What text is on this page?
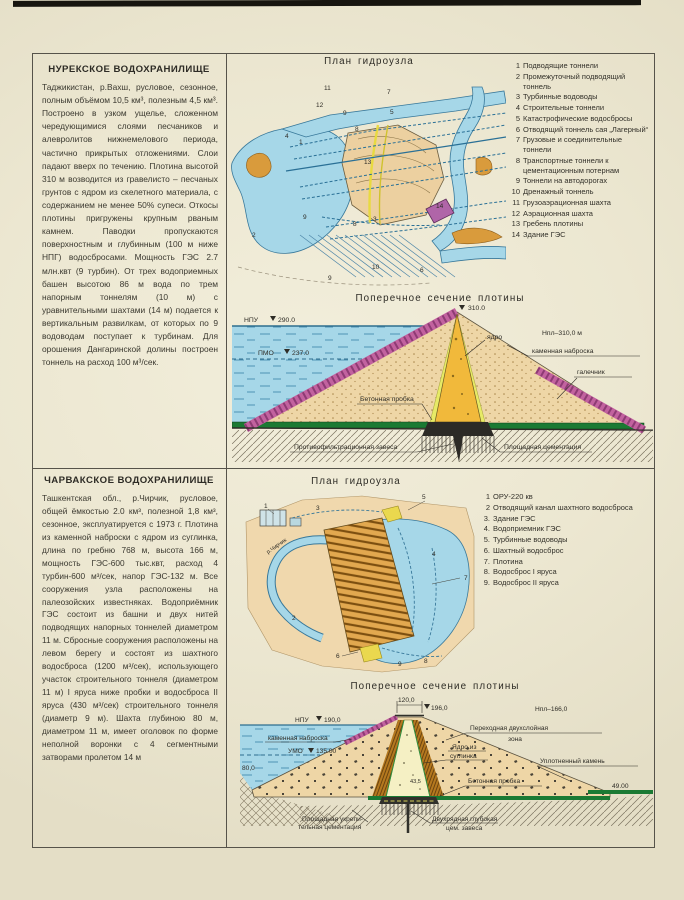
НУРЕКСКОЕ ВОДОХРАНИЛИЩЕ
Таджикистан, р.Вахш, русловое, сезонное, полным объёмом 10,5 км³, полезным 4,5 км³. Построено в узком ущелье, сложенном чередующимися слоями песчаников и алевролитов нижнемелового периода, частично прикрытых отложениями. Слои падают вверх по течению. Плотина высотой 310 м возводится из гравелисто – песчаных грунтов с ядром из скелетного материала, с содержанием не менее 50% супеси. Откосы плотины пригружены крупным рваным камнем. Паводки пропускаются поверхностным и глубинным (100 м ниже НПГ) водосбросами. Мощность ГЭС 2.7 млн.квт (9 турбин). От трех водоприемных башен высотою 86 м вода по трем напорным тоннелям (10 м) с уравнительными шахтами (14 м) подается к вертикальным развилкам, от которых по 9 водоводам поступает к турбинам. Для орошения Дангаринской долины построен тоннель на расход 100 м³/сек.
План гидроузла
12
7
5
9
11
1
4
8
13
2
9
8
3
14
10
9
6
1 Подводящие тоннели
2 Промежуточный подводящий тоннель
3 Турбинные водоводы
4 Строительные тоннели
5 Катастрофические водосбросы
6 Отводящий тоннель сая „Лагерный“
7 Грузовые и соединительные тоннели
8 Транспортные тоннели к цементационным потернам
9 Тоннели на автодорогах
10 Дренажный тоннель
11 Грузоаэрационная шахта
12 Аэрационная шахта
13 Гребень плотины
14 Здание ГЭС
Поперечное сечение плотины
НПУ	290.0
ПМО	237.0
310.0
ядро
Нпл–310,0 м
каменная наброска
галечник
Бетонная пробка
Противофильтрационная завеса	Площадная цементация
ЧАРВАКСКОЕ ВОДОХРАНИЛИЩЕ
Ташкентская обл., р.Чирчик, русловое, общей ёмкостью 2.0 км³, полезной 1,8 км³, сезонное, эксплуатируется с 1973 г. Плотина из каменной наброски с ядром из суглинка, длина по гребню 768 м, высота 166 м, мощность ГЭС-600 тыс.квт, расход 4 турбин-600 м³/сек, напор ГЭС-132 м. Все сооружения узла расположены на палеозойских известняках. Водоприёмник ГЭС состоит из башни и двух нитей подводящих напорных тоннелей диаметром 11 м. Сбросные сооружения расположены на левом берегу и состоят из шахтного водосброса (1200 м³/сек), использующего участок строительного тоннеля (диаметром 11 м) I яруса ниже пробки и водосброса II яруса (430 м³/сек) строительного тоннеля (диаметр 9 м). Шахта глубиною 80 м, диаметром 11 м, имеет оголовок по форме неполной воронки с 4 сегментными затворами пролетом 14 м
План гидроузла
р.Чирчик
1	3
5
4
2
6
9	8
7
1 ОРУ-220 кв
2 Отводящий канал шахтного водосброса
3. Здание ГЭС
4. Водоприемник ГЭС
5. Турбинные водоводы
6. Шахтный водосброс
7. Плотина
8. Водосброс I яруса
9. Водосброс II яруса
Поперечное сечение плотины
120,0
196,0
НПУ 190,0
Нпл–166,0
УМО 135.00
80,0
49.00
43,5
каменная наброска
Переходная двухслойная
зона
Ядро из
суглинка
Уплотненный камень
Бетонная пробка
Площадная укрепи-
тельная цементация
Двухрядная глубокая
цем. завеса
